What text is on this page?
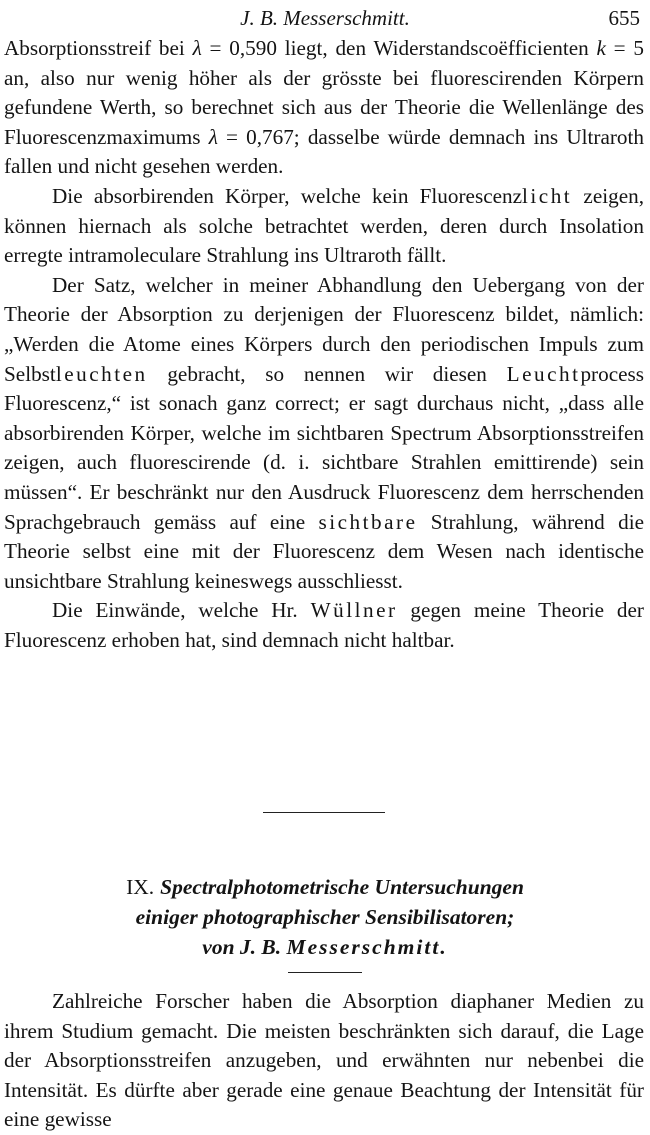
J. B. Messerschmitt.	655

Absorptionsstreif bei λ = 0,590 liegt, den Widerstandscoëfficienten k = 5 an, also nur wenig höher als der grösste bei fluorescirenden Körpern gefundene Werth, so berechnet sich aus der Theorie die Wellenlänge des Fluorescenzmaximums λ = 0,767; dasselbe würde demnach ins Ultraroth fallen und nicht gesehen werden.

Die absorbirenden Körper, welche kein Fluorescenzlicht zeigen, können hiernach als solche betrachtet werden, deren durch Insolation erregte intramoleculare Strahlung ins Ultraroth fällt.

Der Satz, welcher in meiner Abhandlung den Uebergang von der Theorie der Absorption zu derjenigen der Fluorescenz bildet, nämlich: „Werden die Atome eines Körpers durch den periodischen Impuls zum Selbstleuchten gebracht, so nennen wir diesen Leuchtprocess Fluorescenz,“ ist sonach ganz correct; er sagt durchaus nicht, „dass alle absorbirenden Körper, welche im sichtbaren Spectrum Absorptionsstreifen zeigen, auch fluorescirende (d. i. sichtbare Strahlen emittirende) sein müssen“. Er beschränkt nur den Ausdruck Fluorescenz dem herrschenden Sprachgebrauch gemäss auf eine sichtbare Strahlung, während die Theorie selbst eine mit der Fluorescenz dem Wesen nach identische unsichtbare Strahlung keineswegs ausschliesst.

Die Einwände, welche Hr. Wüllner gegen meine Theorie der Fluorescenz erhoben hat, sind demnach nicht haltbar.

IX. Spectralphotometrische Untersuchungen
einiger photographischer Sensibilisatoren;
von J. B. Messerschmitt.

Zahlreiche Forscher haben die Absorption diaphaner Medien zu ihrem Studium gemacht. Die meisten beschränkten sich darauf, die Lage der Absorptionsstreifen anzugeben, und erwähnten nur nebenbei die Intensität. Es dürfte aber gerade eine genaue Beachtung der Intensität für eine gewisse
